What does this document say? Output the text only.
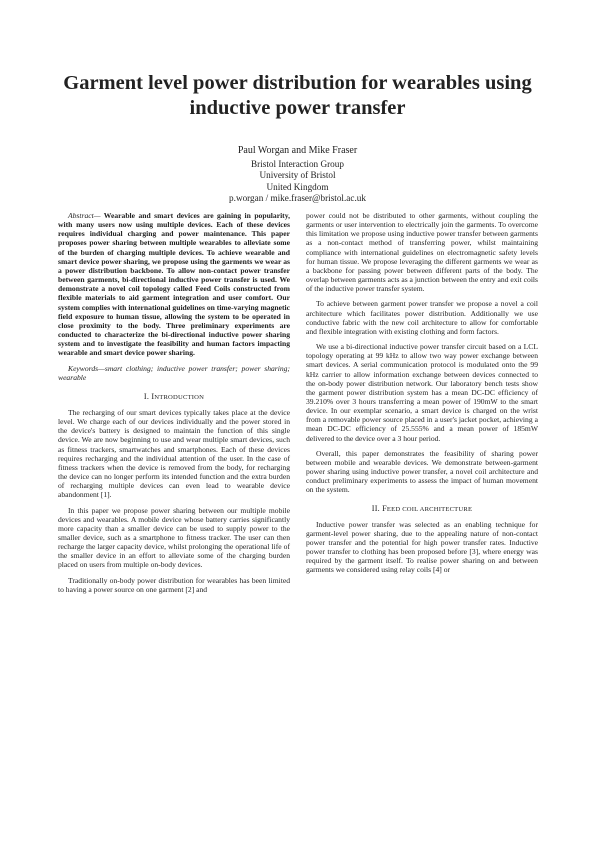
Garment level power distribution for wearables using inductive power transfer
Paul Worgan and Mike Fraser
Bristol Interaction Group
University of Bristol
United Kingdom
p.worgan / mike.fraser@bristol.ac.uk

Abstract— Wearable and smart devices are gaining in popularity, with many users now using multiple devices. Each of these devices requires individual charging and power maintenance. This paper proposes power sharing between multiple wearables to alleviate some of the burden of charging multiple devices. To achieve wearable and smart device power sharing, we propose using the garments we wear as a power distribution backbone. To allow non-contact power transfer between garments, bi-directional inductive power transfer is used. We demonstrate a novel coil topology called Feed Coils constructed from flexible materials to aid garment integration and user comfort. Our system complies with international guidelines on time-varying magnetic field exposure to human tissue, allowing the system to be operated in close proximity to the body. Three preliminary experiments are conducted to characterize the bi-directional inductive power sharing system and to investigate the feasibility and human factors impacting wearable and smart device power sharing.

Keywords—smart clothing; inductive power transfer; power sharing; wearable

I. INTRODUCTION

The recharging of our smart devices typically takes place at the device level. We charge each of our devices individually and the power stored in the device's battery is designed to maintain the function of this single device. We are now beginning to use and wear multiple smart devices, such as fitness trackers, smartwatches and smartphones. Each of these devices requires recharging and the individual attention of the user. In the case of fitness trackers when the device is removed from the body, for recharging the device can no longer perform its intended function and the extra burden of recharging multiple devices can even lead to wearable device abandonment [1].

In this paper we propose power sharing between our multiple mobile devices and wearables. A mobile device whose battery carries significantly more capacity than a smaller device can be used to supply power to the smaller device, such as a smartphone to fitness tracker. The user can then recharge the larger capacity device, whilst prolonging the operational life of the smaller device in an effort to alleviate some of the charging burden placed on users from multiple on-body devices.

Traditionally on-body power distribution for wearables has been limited to having a power source on one garment [2] and

power could not be distributed to other garments, without coupling the garments or user intervention to electrically join the garments. To overcome this limitation we propose using inductive power transfer between garments as a non-contact method of transferring power, whilst maintaining compliance with international guidelines on electromagnetic safety levels for human tissue. We propose leveraging the different garments we wear as a backbone for passing power between different parts of the body. The overlap between garments acts as a junction between the entry and exit coils of the inductive power transfer system.

To achieve between garment power transfer we propose a novel a coil architecture which facilitates power distribution. Additionally we use conductive fabric with the new coil architecture to allow for comfortable and flexible integration with existing clothing and form factors.

We use a bi-directional inductive power transfer circuit based on a LCL topology operating at 99 kHz to allow two way power exchange between smart devices. A serial communication protocol is modulated onto the 99 kHz carrier to allow information exchange between devices connected to the on-body power distribution network. Our laboratory bench tests show the garment power distribution system has a mean DC-DC efficiency of 39.210% over 3 hours transferring a mean power of 190mW to the smart device. In our exemplar scenario, a smart device is charged on the wrist from a removable power source placed in a user's jacket pocket, achieving a mean DC-DC efficiency of 25.555% and a mean power of 185mW delivered to the device over a 3 hour period.

Overall, this paper demonstrates the feasibility of sharing power between mobile and wearable devices. We demonstrate between-garment power sharing using inductive power transfer, a novel coil architecture and conduct preliminary experiments to assess the impact of human movement on the system.

II. FEED COIL ARCHITECTURE

Inductive power transfer was selected as an enabling technique for garment-level power sharing, due to the appealing nature of non-contact power transfer and the potential for high power transfer rates. Inductive power transfer to clothing has been proposed before [3], where energy was required by the garment itself. To realise power sharing on and between garments we considered using relay coils [4] or
